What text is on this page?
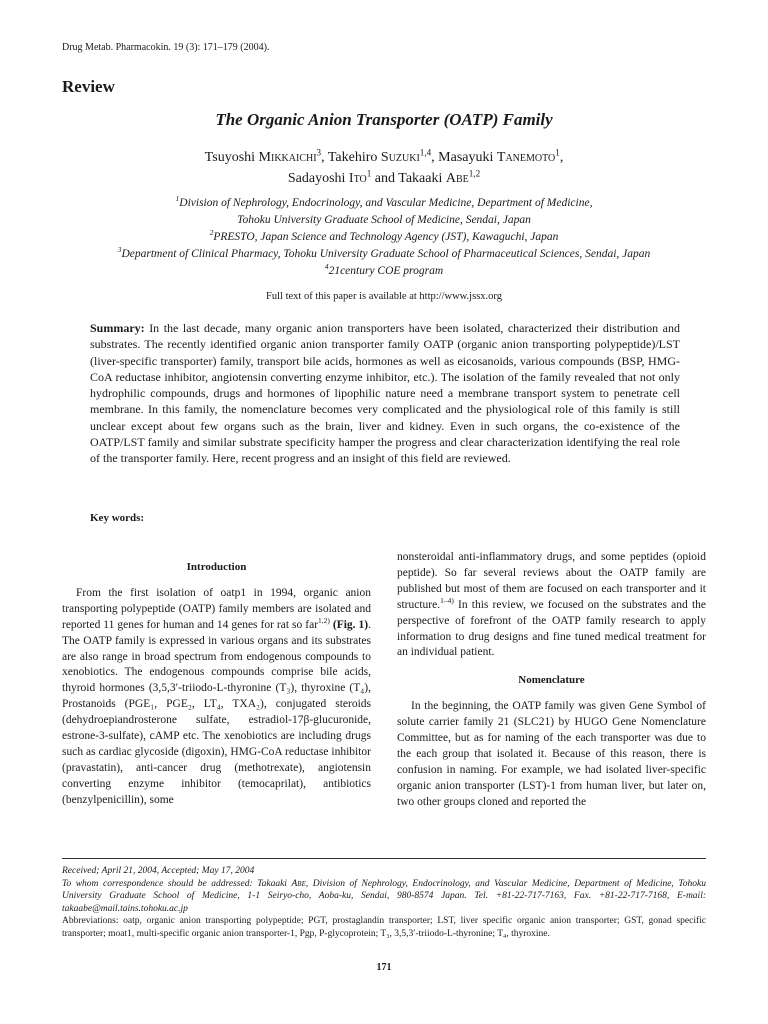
Drug Metab. Pharmacokin. 19 (3): 171–179 (2004).
Review
The Organic Anion Transporter (OATP) Family
Tsuyoshi Mikkaichi$^3$, Takehiro Suzuki$^{1,4}$, Masayuki Tanemoto$^1$,
Sadayoshi Ito$^1$ and Takaaki Abe$^{1,2}$
$^1$Division of Nephrology, Endocrinology, and Vascular Medicine, Department of Medicine,
Tohoku University Graduate School of Medicine, Sendai, Japan
$^2$PRESTO, Japan Science and Technology Agency (JST), Kawaguchi, Japan
$^3$Department of Clinical Pharmacy, Tohoku University Graduate School of Pharmaceutical Sciences, Sendai, Japan
$^4$21century COE program
Full text of this paper is available at http://www.jssx.org
Summary: In the last decade, many organic anion transporters have been isolated, characterized their distribution and substrates. The recently identified organic anion transporter family OATP (organic anion transporting polypeptide)/LST (liver-specific transporter) family, transport bile acids, hormones as well as eicosanoids, various compounds (BSP, HMG-CoA reductase inhibitor, angiotensin converting enzyme inhibitor, etc.). The isolation of the family revealed that not only hydrophilic compounds, drugs and hormones of lipophilic nature need a membrane transport system to penetrate cell membrane. In this family, the nomenclature becomes very complicated and the physiological role of this family is still unclear except about few organs such as the brain, liver and kidney. Even in such organs, the co-existence of the OATP/LST family and similar substrate specificity hamper the progress and clear characterization identifying the real role of the transporter family. Here, recent progress and an insight of this field are reviewed.
Key words:
Introduction

From the first isolation of oatp1 in 1994, organic anion transporting polypeptide (OATP) family members are isolated and reported 11 genes for human and 14 genes for rat so far$^{1,2)}$ (Fig. 1). The OATP family is expressed in various organs and its substrates are also range in broad spectrum from endogenous compounds to xenobiotics. The endogenous compounds comprise bile acids, thyroid hormones (3,5,3′-triiodo-L-thyronine (T₃), thyroxine (T₄), Prostanoids (PGE₁, PGE₂, LT₄, TXA₂), conjugated steroids (dehydroepiandrosterone sulfate, estradiol-17β-glucuronide, estrone-3-sulfate), cAMP etc. The xenobiotics are including drugs such as cardiac glycoside (digoxin), HMG-CoA reductase inhibitor (pravastatin), anti-cancer drug (methotrexate), angiotensin converting enzyme inhibitor (temocaprilat), antibiotics (benzylpenicillin), some

nonsteroidal anti-inflammatory drugs, and some peptides (opioid peptide). So far several reviews about the OATP family are published but most of them are focused on each transporter and it structure.$^{1-4)}$ In this review, we focused on the substrates and the perspective of forefront of the OATP family research to apply information to drug designs and fine tuned medical treatment for an individual patient.

Nomenclature

In the beginning, the OATP family was given Gene Symbol of solute carrier family 21 (SLC21) by HUGO Gene Nomenclature Committee, but as for naming of the each transporter was due to the each group that isolated it. Because of this reason, there is confusion in naming. For example, we had isolated liver-specific organic anion transporter (LST)-1 from human liver, but later on, two other groups cloned and reported the

Received; April 21, 2004, Accepted; May 17, 2004
To whom correspondence should be addressed: Takaaki Abe, Division of Nephrology, Endocrinology, and Vascular Medicine, Department of Medicine, Tohoku University Graduate School of Medicine, 1-1 Seiryo-cho, Aoba-ku, Sendai, 980-8574 Japan. Tel. +81-22-717-7163, Fax. +81-22-717-7168, E-mail: takaabe@mail.tains.tohoku.ac.jp
Abbreviations: oatp, organic anion transporting polypeptide; PGT, prostaglandin transporter; LST, liver specific organic anion transporter; GST, gonad specific transporter; moat1, multi-specific organic anion transporter-1, Pgp, P-glycoprotein; T₃, 3,5,3′-triiodo-L-thyronine; T₄, thyroxine.
171
